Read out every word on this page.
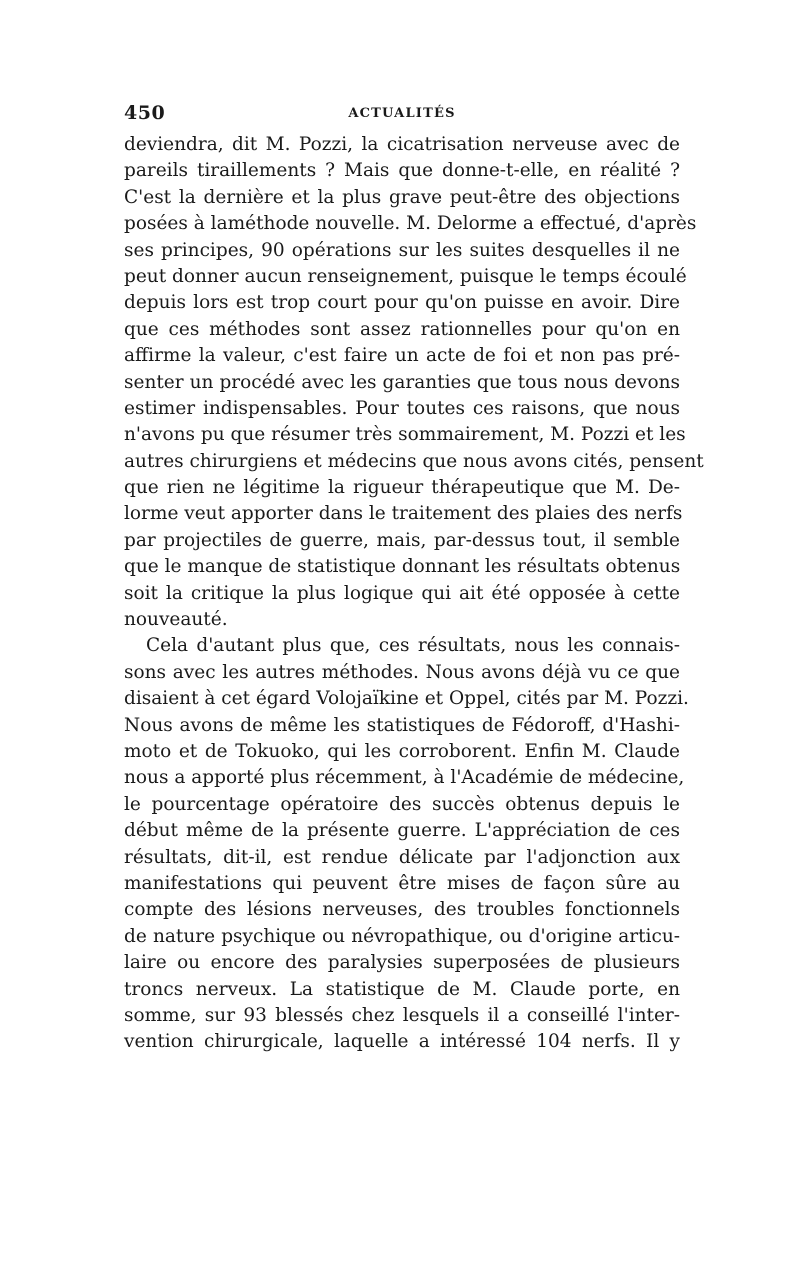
450	ACTUALITÉS
deviendra, dit M. Pozzi, la cicatrisation nerveuse avec de
pareils tiraillements ? Mais que donne-t-elle, en réalité ?
C'est la dernière et la plus grave peut-être des objections
posées à laméthode nouvelle. M. Delorme a effectué, d'après
ses principes, 90 opérations sur les suites desquelles il ne
peut donner aucun renseignement, puisque le temps écoulé
depuis lors est trop court pour qu'on puisse en avoir. Dire
que ces méthodes sont assez rationnelles pour qu'on en
affirme la valeur, c'est faire un acte de foi et non pas pré-
senter un procédé avec les garanties que tous nous devons
estimer indispensables. Pour toutes ces raisons, que nous
n'avons pu que résumer très sommairement, M. Pozzi et les
autres chirurgiens et médecins que nous avons cités, pensent
que rien ne légitime la rigueur thérapeutique que M. De-
lorme veut apporter dans le traitement des plaies des nerfs
par projectiles de guerre, mais, par-dessus tout, il semble
que le manque de statistique donnant les résultats obtenus
soit la critique la plus logique qui ait été opposée à cette
nouveauté.
Cela d'autant plus que, ces résultats, nous les connais-
sons avec les autres méthodes. Nous avons déjà vu ce que
disaient à cet égard Volojaïkine et Oppel, cités par M. Pozzi.
Nous avons de même les statistiques de Fédoroff, d'Hashi-
moto et de Tokuoko, qui les corroborent. Enfin M. Claude
nous a apporté plus récemment, à l'Académie de médecine,
le pourcentage opératoire des succès obtenus depuis le
début même de la présente guerre. L'appréciation de ces
résultats, dit-il, est rendue délicate par l'adjonction aux
manifestations qui peuvent être mises de façon sûre au
compte des lésions nerveuses, des troubles fonctionnels
de nature psychique ou névropathique, ou d'origine articu-
laire ou encore des paralysies superposées de plusieurs
troncs nerveux. La statistique de M. Claude porte, en
somme, sur 93 blessés chez lesquels il a conseillé l'inter-
vention chirurgicale, laquelle a intéressé 104 nerfs. Il y
